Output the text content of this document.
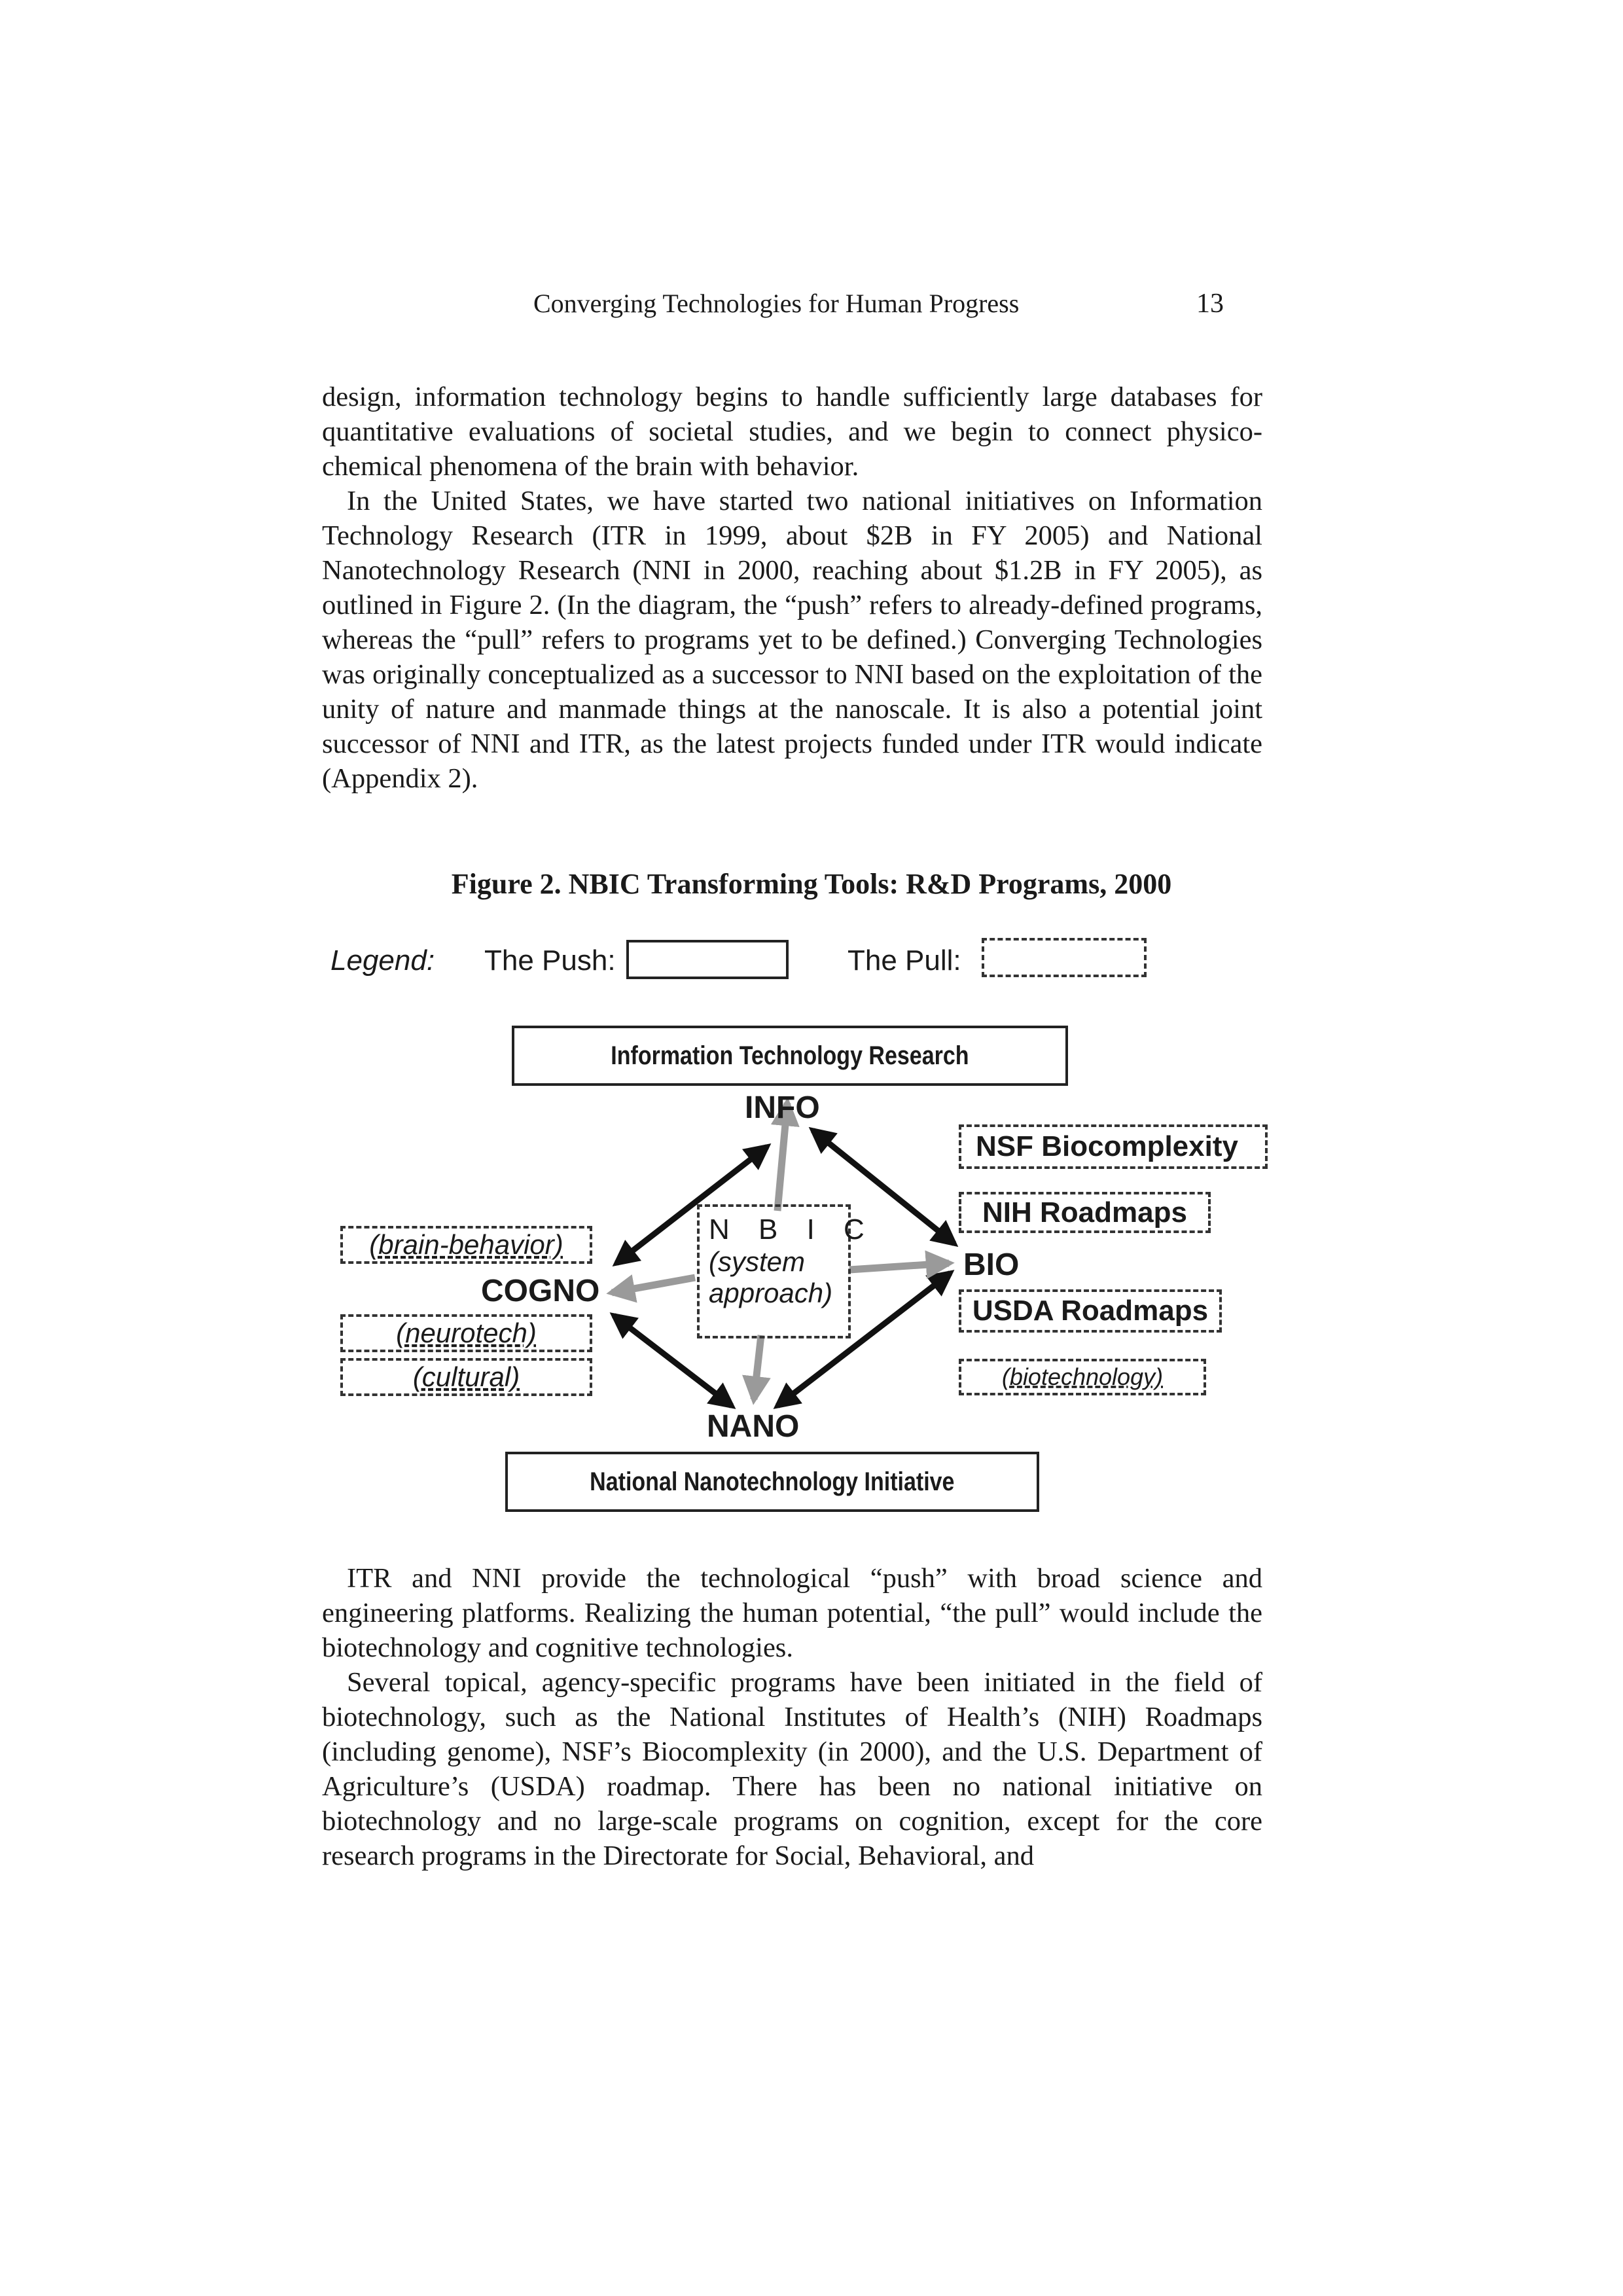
Converging Technologies for Human Progress	13

design, information technology begins to handle sufficiently large databases for quantitative evaluations of societal studies, and we begin to connect physico-chemical phenomena of the brain with behavior.

In the United States, we have started two national initiatives on Information Technology Research (ITR in 1999, about $2B in FY 2005) and National Nanotechnology Research (NNI in 2000, reaching about $1.2B in FY 2005), as outlined in Figure 2. (In the diagram, the “push” refers to already-defined programs, whereas the “pull” refers to programs yet to be defined.) Converging Technologies was originally conceptualized as a successor to NNI based on the exploitation of the unity of nature and manmade things at the nanoscale. It is also a potential joint successor of NNI and ITR, as the latest projects funded under ITR would indicate (Appendix 2).

Figure 2. NBIC Transforming Tools: R&D Programs, 2000
Legend: The Push:	The Pull:
Information Technology Research
National Nanotechnology Initiative
INFO
COGNO
BIO
NANO
N B I C
(system
approach)
(brain-behavior)
(neurotech)
(cultural)
NSF Biocomplexity
NIH Roadmaps
USDA Roadmaps
(biotechnology)

ITR and NNI provide the technological “push” with broad science and engineering platforms. Realizing the human potential, “the pull” would include the biotechnology and cognitive technologies.

Several topical, agency-specific programs have been initiated in the field of biotechnology, such as the National Institutes of Health’s (NIH) Roadmaps (including genome), NSF’s Biocomplexity (in 2000), and the U.S. Department of Agriculture’s (USDA) roadmap. There has been no national initiative on biotechnology and no large-scale programs on cognition, except for the core research programs in the Directorate for Social, Behavioral, and
